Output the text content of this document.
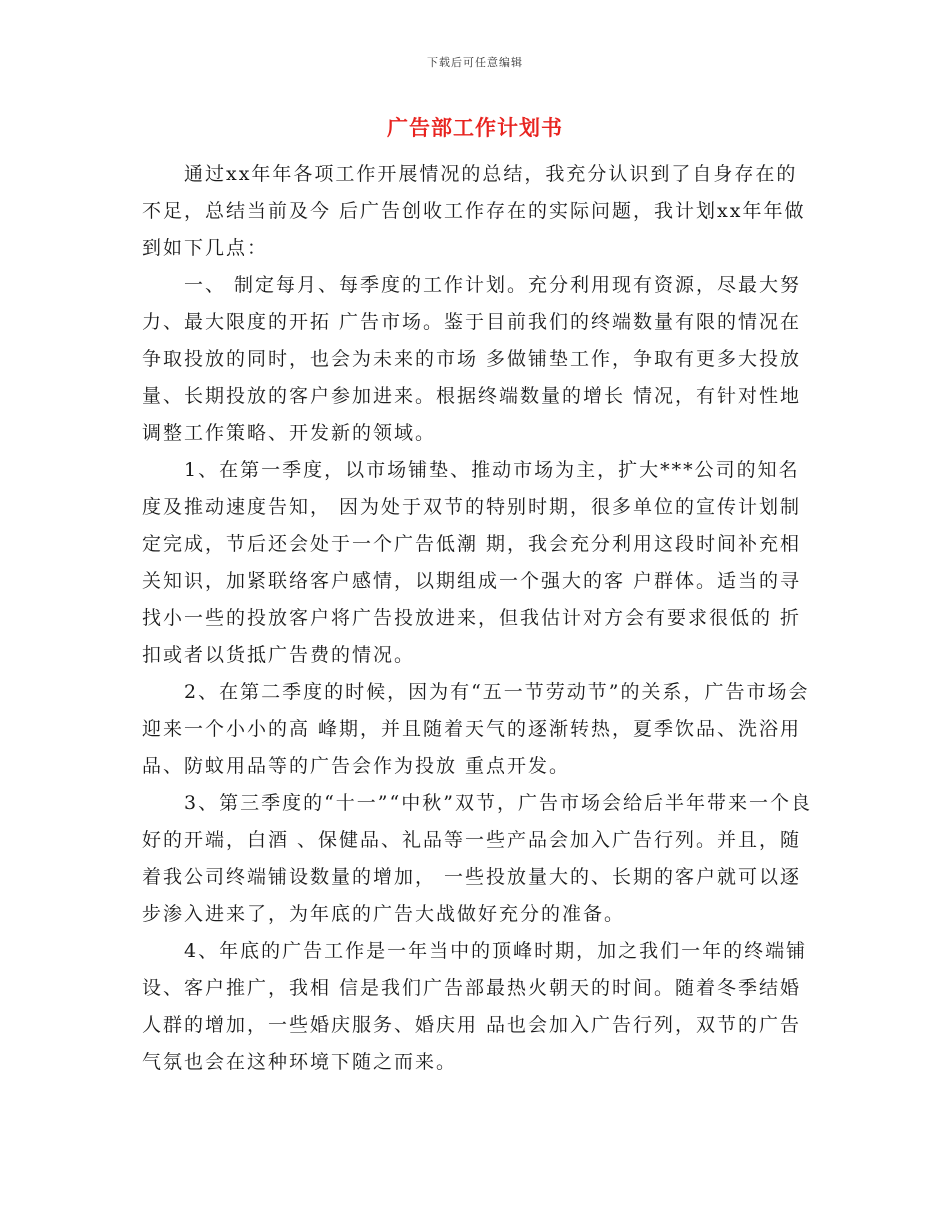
下载后可任意编辑
广告部工作计划书

通过xx年年各项工作开展情况的总结，我充分认识到了自身存在的不足，总结当前及今 后广告创收工作存在的实际问题，我计划xx年年做到如下几点：

一、 制定每月、每季度的工作计划。充分利用现有资源，尽最大努力、最大限度的开拓 广告市场。鉴于目前我们的终端数量有限的情况在争取投放的同时，也会为未来的市场 多做铺垫工作，争取有更多大投放量、长期投放的客户参加进来。根据终端数量的增长 情况，有针对性地调整工作策略、开发新的领域。

1、在第一季度，以市场铺垫、推动市场为主，扩大***公司的知名度及推动速度告知， 因为处于双节的特别时期，很多单位的宣传计划制定完成，节后还会处于一个广告低潮 期，我会充分利用这段时间补充相关知识，加紧联络客户感情，以期组成一个强大的客 户群体。适当的寻找小一些的投放客户将广告投放进来，但我估计对方会有要求很低的 折扣或者以货抵广告费的情况。

2、在第二季度的时候，因为有“五一节劳动节”的关系，广告市场会迎来一个小小的高 峰期，并且随着天气的逐渐转热，夏季饮品、洗浴用品、防蚊用品等的广告会作为投放 重点开发。

3、第三季度的“十一”“中秋”双节，广告市场会给后半年带来一个良好的开端，白酒 、保健品、礼品等一些产品会加入广告行列。并且，随着我公司终端铺设数量的增加， 一些投放量大的、长期的客户就可以逐步渗入进来了，为年底的广告大战做好充分的准备。

4、年底的广告工作是一年当中的顶峰时期，加之我们一年的终端铺设、客户推广，我相 信是我们广告部最热火朝天的时间。随着冬季结婚人群的增加，一些婚庆服务、婚庆用 品也会加入广告行列，双节的广告气氛也会在这种环境下随之而来。
